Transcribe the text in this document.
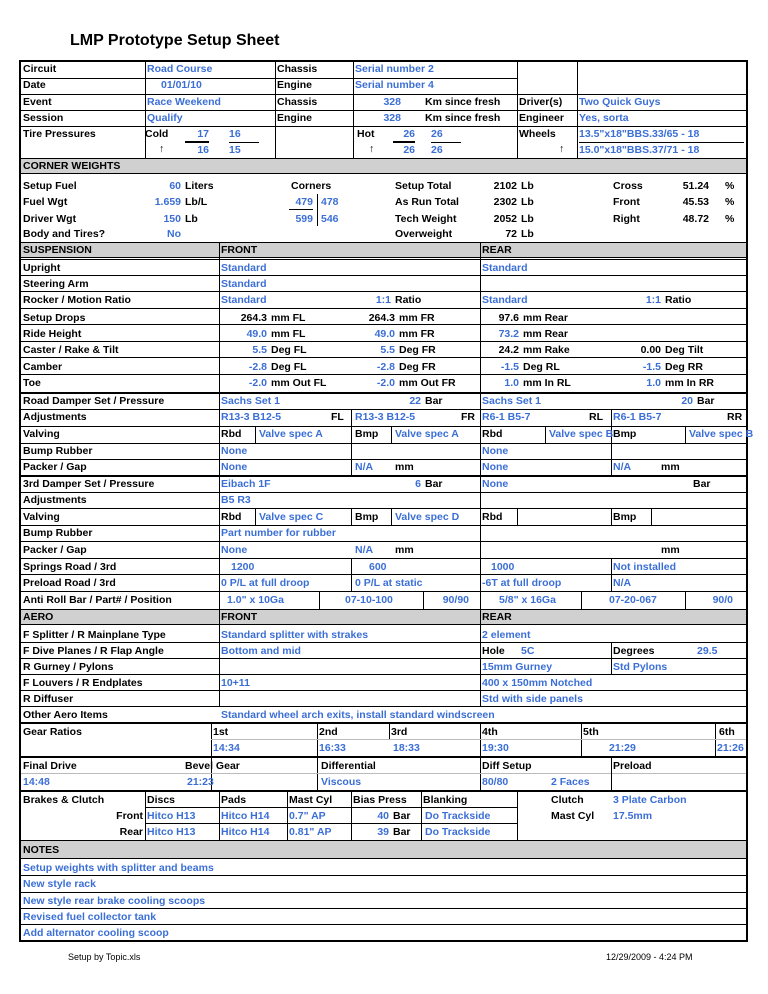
LMP Prototype Setup Sheet
Circuit	Road Course	Chassis	Serial number 2
Date	01/01/10	Engine	Serial number 4
Event	Race Weekend	Chassis	328 Km since fresh Driver(s) Two Quick Guys
Session	Qualify	Engine	328 Km since fresh Engineer Yes, sorta
Tire Pressures	Cold	17 16
↑	16 15
Hot	26 26
↑	26 26
Wheels 13.5"x18"BBS.33/65 - 18
↑ 15.0"x18"BBS.37/71 - 18
CORNER WEIGHTS
Setup Fuel	60 Liters
Fuel Wgt	1.659 Lb/L
Driver Wgt	150 Lb
Body and Tires?	No
Corners
479 478
599 546
Setup Total	2102 Lb
As Run Total	2302 Lb
Tech Weight	2052 Lb
Overweight	72 Lb
Cross	51.24 %
Front	45.53 %
Right	48.72 %
SUSPENSION	FRONT	REAR
Upright	Standard	Standard
Steering Arm	Standard
Rocker / Motion Ratio	Standard	1:1 Ratio	Standard	1:1 Ratio
Setup Drops	264.3 mm FL	264.3 mm FR	97.6 mm Rear
Ride Height	49.0 mm FL	49.0 mm FR	73.2 mm Rear
Caster / Rake & Tilt	5.5 Deg FL	5.5 Deg FR	24.2 mm Rake	0.00 Deg Tilt
Camber	-2.8 Deg FL	-2.8 Deg FR	-1.5 Deg RL	-1.5 Deg RR
Toe	-2.0 mm Out FL	-2.0 mm Out FR	1.0 mm In RL	1.0 mm In RR
Road Damper Set / Pressure	Sachs Set 1	22 Bar	Sachs Set 1	20 Bar
Adjustments	R13-3 B12-5	FL R13-3 B12-5	FR R6-1 B5-7	RL R6-1 B5-7	RR
Valving	Rbd Valve spec A	Bmp Valve spec A Rbd	Valve spec B Bmp	Valve spec B
Bump Rubber	None	None
Packer / Gap	None	N/A mm	None	N/A	mm
3rd Damper Set / Pressure	Eibach 1F	6 Bar	None	Bar
Adjustments	B5 R3
Valving	Rbd Valve spec C	Bmp Valve spec D Rbd	Bmp
Bump Rubber	Part number for rubber
Packer / Gap	None	N/A mm	mm
Springs Road / 3rd	1200	600	1000	Not installed
Preload Road / 3rd	0 P/L at full droop	0 P/L at static	-6T at full droop	N/A
Anti Roll Bar / Part# / Position	1.0" x 10Ga	07-10-100	90/90	5/8" x 16Ga	07-20-067	90/0
AERO	FRONT	REAR
F Splitter / R Mainplane Type	Standard splitter with strakes	2 element
F Dive Planes / R Flap Angle	Bottom and mid	Hole 5C	Degrees	29.5
R Gurney / Pylons	15mm Gurney	Std Pylons
F Louvers / R Endplates	10+11	400 x 150mm Notched
R Diffuser	Std with side panels
Other Aero Items	Standard wheel arch exits, install standard windscreen
Gear Ratios	1st	2nd	3rd	4th	5th	6th
14:34	16:33	18:33	19:30	21:29	21:26
Final Drive	Bevel Gear	Differential	Diff Setup	Preload
14:48	21:23	Viscous	80/80	2 Faces
Brakes & Clutch	Discs	Pads	Mast Cyl Bias Press Blanking	Clutch	3 Plate Carbon
Front Hitco H13 Hitco H14 0.7" AP	40 Bar Do Trackside	Mast Cyl 17.5mm
Rear Hitco H13 Hitco H14 0.81" AP	39 Bar Do Trackside
NOTES
Setup weights with splitter and beams
New style rack
New style rear brake cooling scoops
Revised fuel collector tank
Add alternator cooling scoop
Setup by Topic.xls	12/29/2009 - 4:24 PM
